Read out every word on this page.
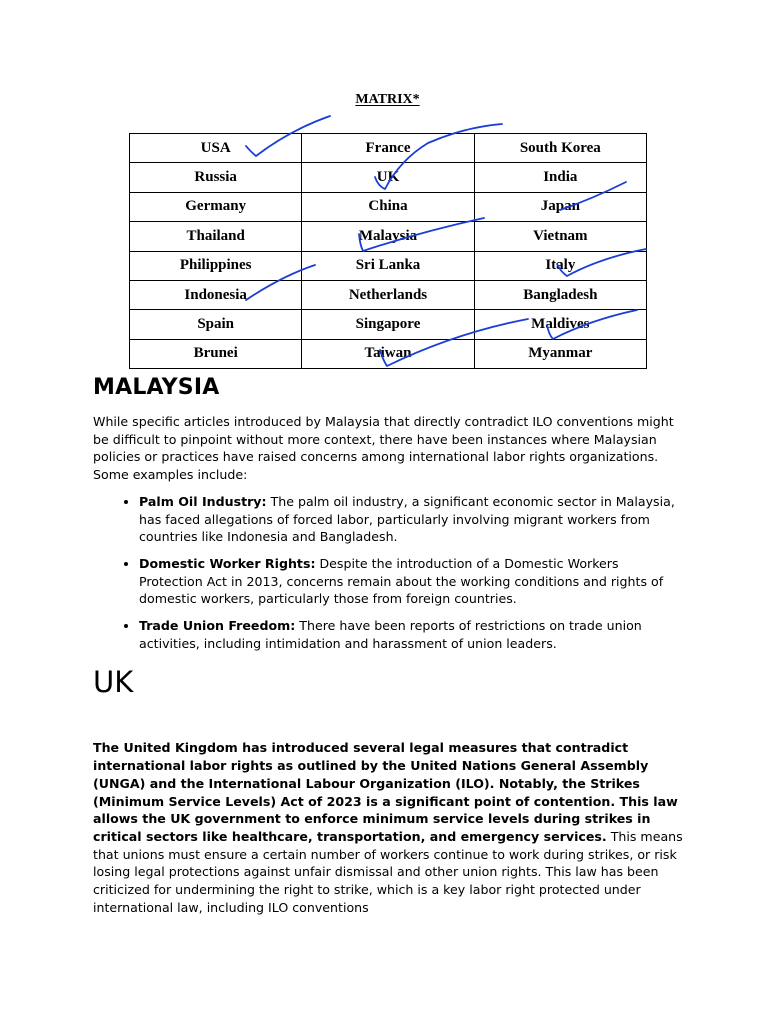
MATRIX*
USA	France	South Korea
Russia	UK	India
Germany	China	Japan
Thailand	Malaysia	Vietnam
Philippines	Sri Lanka	Italy
Indonesia	Netherlands	Bangladesh
Spain	Singapore	Maldives
Brunei	Taiwan	Myanmar
MALAYSIA

While specific articles introduced by Malaysia that directly contradict ILO conventions might be difficult to pinpoint without more context, there have been instances where Malaysian policies or practices have raised concerns among international labor rights organizations. Some examples include:

• Palm Oil Industry: The palm oil industry, a significant economic sector in Malaysia, has faced allegations of forced labor, particularly involving migrant workers from countries like Indonesia and Bangladesh.
• Domestic Worker Rights: Despite the introduction of a Domestic Workers Protection Act in 2013, concerns remain about the working conditions and rights of domestic workers, particularly those from foreign countries.
• Trade Union Freedom: There have been reports of restrictions on trade union activities, including intimidation and harassment of union leaders.
UK

The United Kingdom has introduced several legal measures that contradict international labor rights as outlined by the United Nations General Assembly (UNGA) and the International Labour Organization (ILO). Notably, the Strikes (Minimum Service Levels) Act of 2023 is a significant point of contention. This law allows the UK government to enforce minimum service levels during strikes in critical sectors like healthcare, transportation, and emergency services. This means that unions must ensure a certain number of workers continue to work during strikes, or risk losing legal protections against unfair dismissal and other union rights. This law has been criticized for undermining the right to strike, which is a key labor right protected under international law, including ILO conventions
